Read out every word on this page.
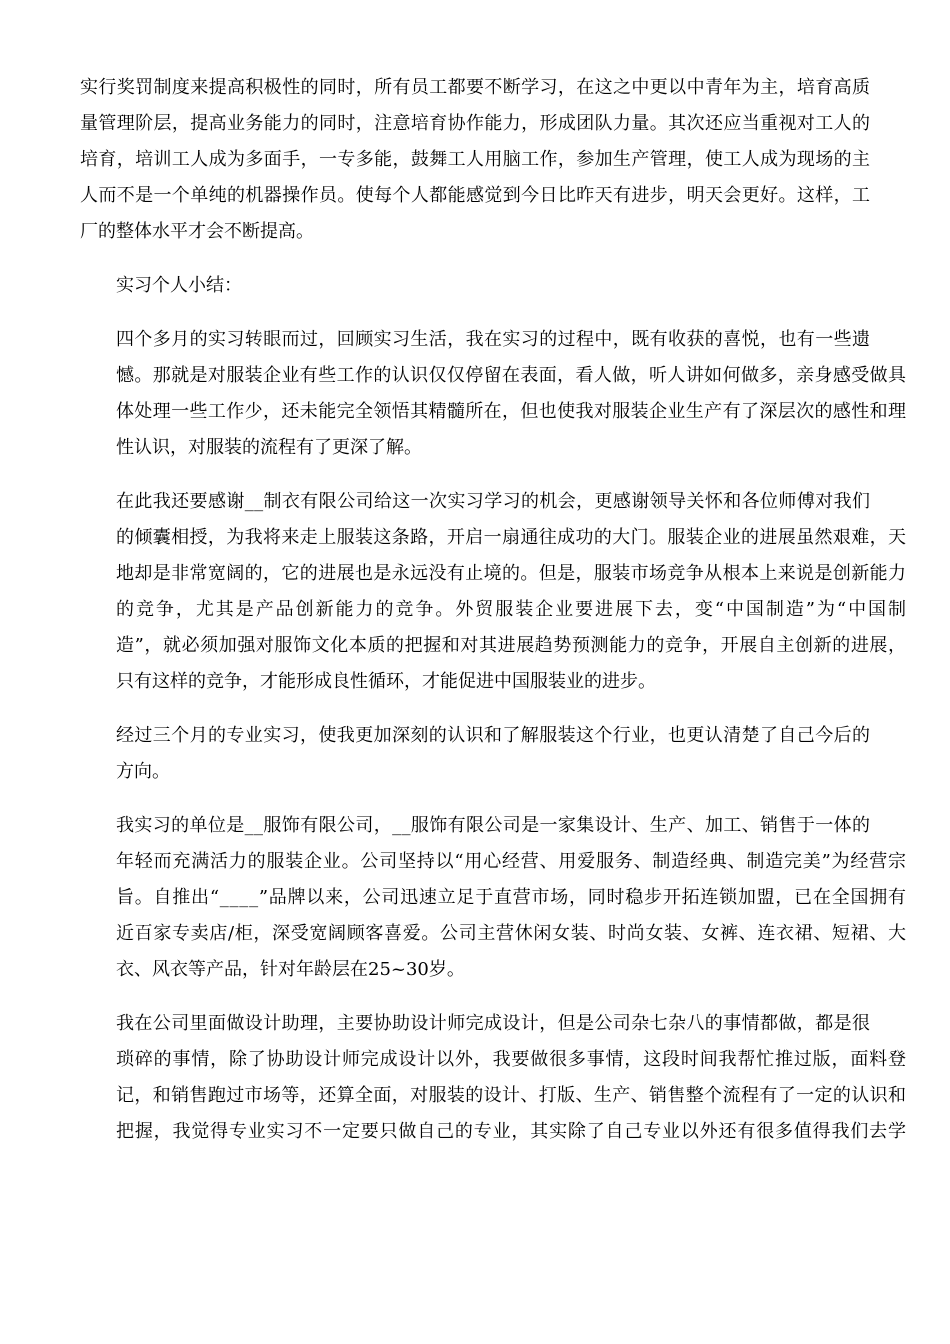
实行奖罚制度来提高积极性的同时，所有员工都要不断学习，在这之中更以中青年为主，培育高质
量管理阶层，提高业务能力的同时，注意培育协作能力，形成团队力量。其次还应当重视对工人的
培育，培训工人成为多面手，一专多能，鼓舞工人用脑工作，参加生产管理，使工人成为现场的主
人而不是一个单纯的机器操作员。使每个人都能感觉到今日比昨天有进步，明天会更好。这样，工
厂的整体水平才会不断提高。
实习个人小结：
四个多月的实习转眼而过，回顾实习生活，我在实习的过程中，既有收获的喜悦，也有一些遗
憾。那就是对服装企业有些工作的认识仅仅停留在表面，看人做，听人讲如何做多，亲身感受做具
体处理一些工作少，还未能完全领悟其精髓所在，但也使我对服装企业生产有了深层次的感性和理
性认识，对服装的流程有了更深了解。
在此我还要感谢__制衣有限公司给这一次实习学习的机会，更感谢领导关怀和各位师傅对我们
的倾囊相授，为我将来走上服装这条路，开启一扇通往成功的大门。服装企业的进展虽然艰难，天
地却是非常宽阔的，它的进展也是永远没有止境的。但是，服装市场竞争从根本上来说是创新能力
的竞争，尤其是产品创新能力的竞争。外贸服装企业要进展下去，变“中国制造”为“中国制
造”，就必须加强对服饰文化本质的把握和对其进展趋势预测能力的竞争，开展自主创新的进展，
只有这样的竞争，才能形成良性循环，才能促进中国服装业的进步。
经过三个月的专业实习，使我更加深刻的认识和了解服装这个行业，也更认清楚了自己今后的
方向。
我实习的单位是__服饰有限公司，__服饰有限公司是一家集设计、生产、加工、销售于一体的
年轻而充满活力的服装企业。公司坚持以“用心经营、用爱服务、制造经典、制造完美”为经营宗
旨。自推出“____”品牌以来，公司迅速立足于直营市场，同时稳步开拓连锁加盟，已在全国拥有
近百家专卖店/柜，深受宽阔顾客喜爱。公司主营休闲女装、时尚女装、女裤、连衣裙、短裙、大
衣、风衣等产品，针对年龄层在25~30岁。
我在公司里面做设计助理，主要协助设计师完成设计，但是公司杂七杂八的事情都做，都是很
琐碎的事情，除了协助设计师完成设计以外，我要做很多事情，这段时间我帮忙推过版，面料登
记，和销售跑过市场等，还算全面，对服装的设计、打版、生产、销售整个流程有了一定的认识和
把握，我觉得专业实习不一定要只做自己的专业，其实除了自己专业以外还有很多值得我们去学
